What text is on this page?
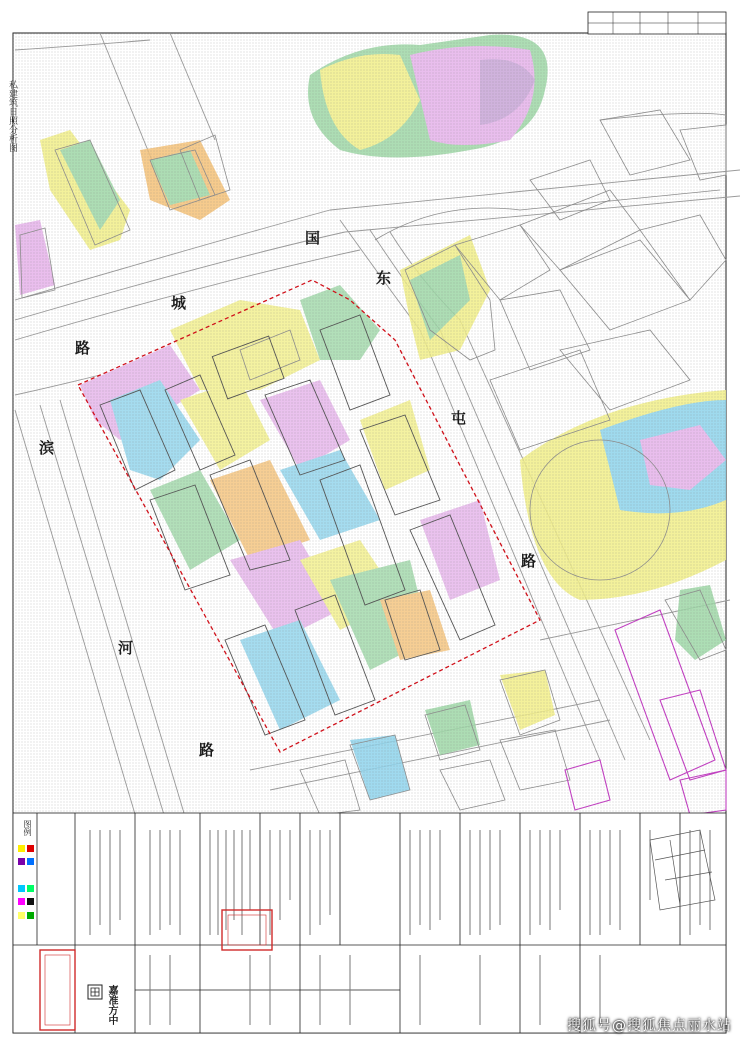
私建筑日照分析图
国
城
路
东
屯
路
滨
河
路
图例
嘉准方中
搜狐号@搜狐焦点丽水站
